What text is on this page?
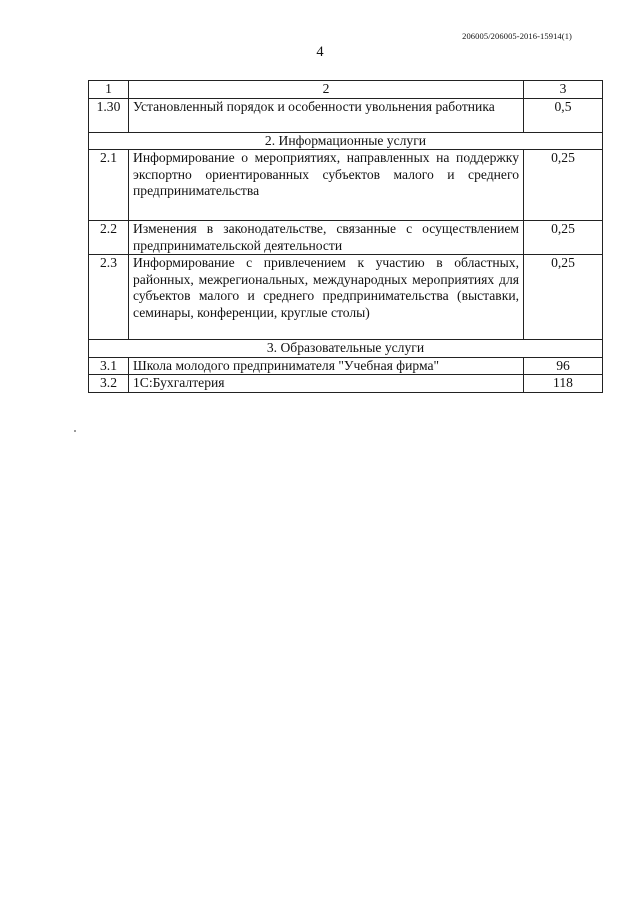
206005/206005-2016-15914(1)
4
1	2	3
1.30	Установленный порядок и особенности увольнения работника	0,5
2. Информационные услуги		
2.1	Информирование о мероприятиях, направленных на поддержку экспортно ориентированных субъектов малого и среднего предпринимательства	0,25
2.2	Изменения в законодательстве, связанные с осуществлением предпринимательской деятельности	0,25
2.3	Информирование с привлечением к участию в областных, районных, межрегиональных, международных мероприятиях для субъектов малого и среднего предпринимательства (выставки, семинары, конференции, круглые столы)	0,25
3. Образовательные услуги		
3.1	Школа молодого предпринимателя "Учебная фирма"	96
3.2	1С:Бухгалтерия	118
